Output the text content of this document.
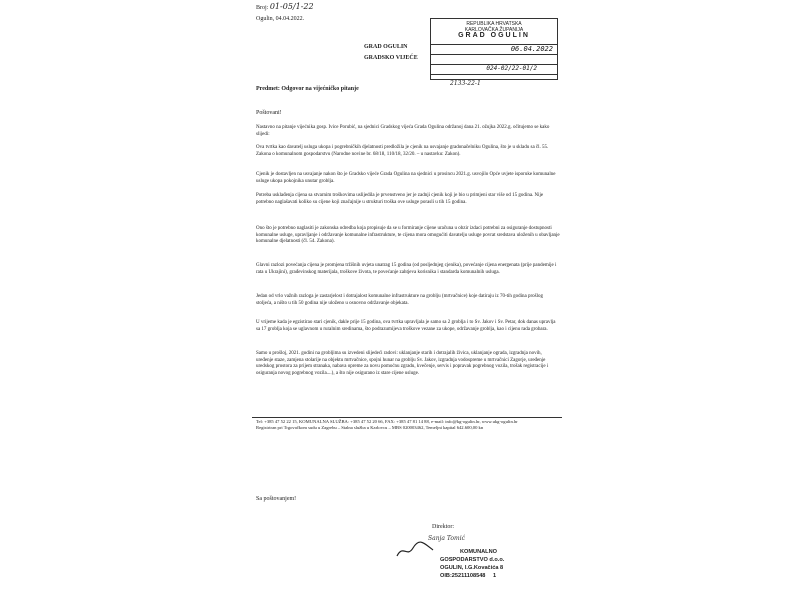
Broj: 01-05/1-22
Ogulin, 04.04.2022.
REPUBLIKA HRVATSKA
KARLOVAČKA ŽUPANIJA
GRAD OGULIN
06.04.2022
024-02/22-01/2
2133-22-1
GRAD OGULIN
GRADSKO VIJEĆE
Predmet: Odgovor na vijećničko pitanje
Poštovani!
Nastavno na pitanje vijećnika gosp. Ivice Porubić, na sjednici Gradskog vijeća Grada Ogulina održanoj dana 21. ožujka 2022.g. očitujemo se kako slijedi:
Ova tvrtka kao davatelj usluga ukopa i pogrebničkih djelatnosti predložila je cjenik na usvajanje gradonačelniku Ogulina, što je u skladu sa čl. 55. Zakona o komunalnom gospodarstvu (Narodne novine br. 68/18, 110/18, 32/20. – u nastavku: Zakon).
Cjenik je dostavljen na usvajanje nakon što je Gradsko vijeće Grada Ogulina na sjednici u prosincu 2021.g. usvojilo Opće uvjete isporuke komunalne usluge ukopa pokojnika unutar groblja.
Potreba usklađenja cijena sa stvarnim troškovima uslijedila je prvenstveno jer je zadnji cjenik koji je bio u primjeni star više od 15 godina. Nije potrebno naglašavati koliko su cijene koji značajnije u strukturi troška ove usluge porasli u tih 15 godina.
Ono što je potrebno naglasiti je zakonska odredba koja propisuje da se u formiranje cijene uračuna u obzir izdaci potrebni za osiguranje dostupnosti komunalne usluge, upravljanje i održavanje komunalne infrastrukture, te cijena mora omogućiti davatelju usluge povrat sredstava uloženih u obavljanje komunalne djelatnosti (čl. 54. Zakona).
Glavni razlozi povećanja cijena je promjena tržišnih uvjeta unatrag 15 godina (od posljednjeg cjenika), povećanje cijena energenata (prije pandemije i rata u Ukrajini), građevinskog materijala, troškove života, te povećanje zahtjeva korisnika i standarda komunalnih usluga.
Jedan od vrlo važnih razloga je zastarjelost i dotrajalost komunalne infrastrukture na groblju (mrtvačnice) koje datiraju iz 70-tih godina prošlog stoljeća, a ništo u tih 50 godina nije uloženo u osnovno održavanje objekata.
U vrijeme kada je egzistirao stari cjenik, dakle prije 15 godina, ova tvrtka upravljala je samo sa 2 groblja i to Sv. Jakov i Sv. Petar, dok danas upravlja sa 17 groblja koja se uglavnom u ruralnim sredinama, što podrazumijeva troškove vezane za ukope, održavanje groblja, kao i cijenu rada grobara.
Samo u prošloj, 2021. godini na grobljima su izvedeni slijedeći radovi: uklanjanje starih i dotrajalih živica, uklanjanje ograda, izgradnja novih, uređenje staze, zamjena stolarije na objektu mrtvačnice, spojni hunar na groblju Sv. Jakov, izgradnja vodospreme u mrtvačnici Zagorje, uređenje uredskog prostora za prijem stranaka, nabava opreme za novu pomoćnu zgradu, kvečenje, servis i popravak pogrebnog vozila, trošak registracije i osiguranja novog pogrebnog vozila....), a što nije osigurano iz stare cijene usluge.
Tel: +385 47 52 22 15, KOMUNALNA SLUŽBA: +385 47 52 20 66, FAX: +385 47 81 14 88, e-mail: info@kg-ogulin.hr, www.ukg-ogulin.hr
Registriran pri Trgovačkom sudu u Zagrebu – Stalna služba u Karlovcu – MBS 020003462, Temeljni kapital 642.600,00 kn
Sa poštovanjem!
Direktor:
Sanja Tomić
KOMUNALNO
GOSPODARSTVO d.o.o.
OGULIN, I.G.Kovačića 8
OIB:25211108548 1
